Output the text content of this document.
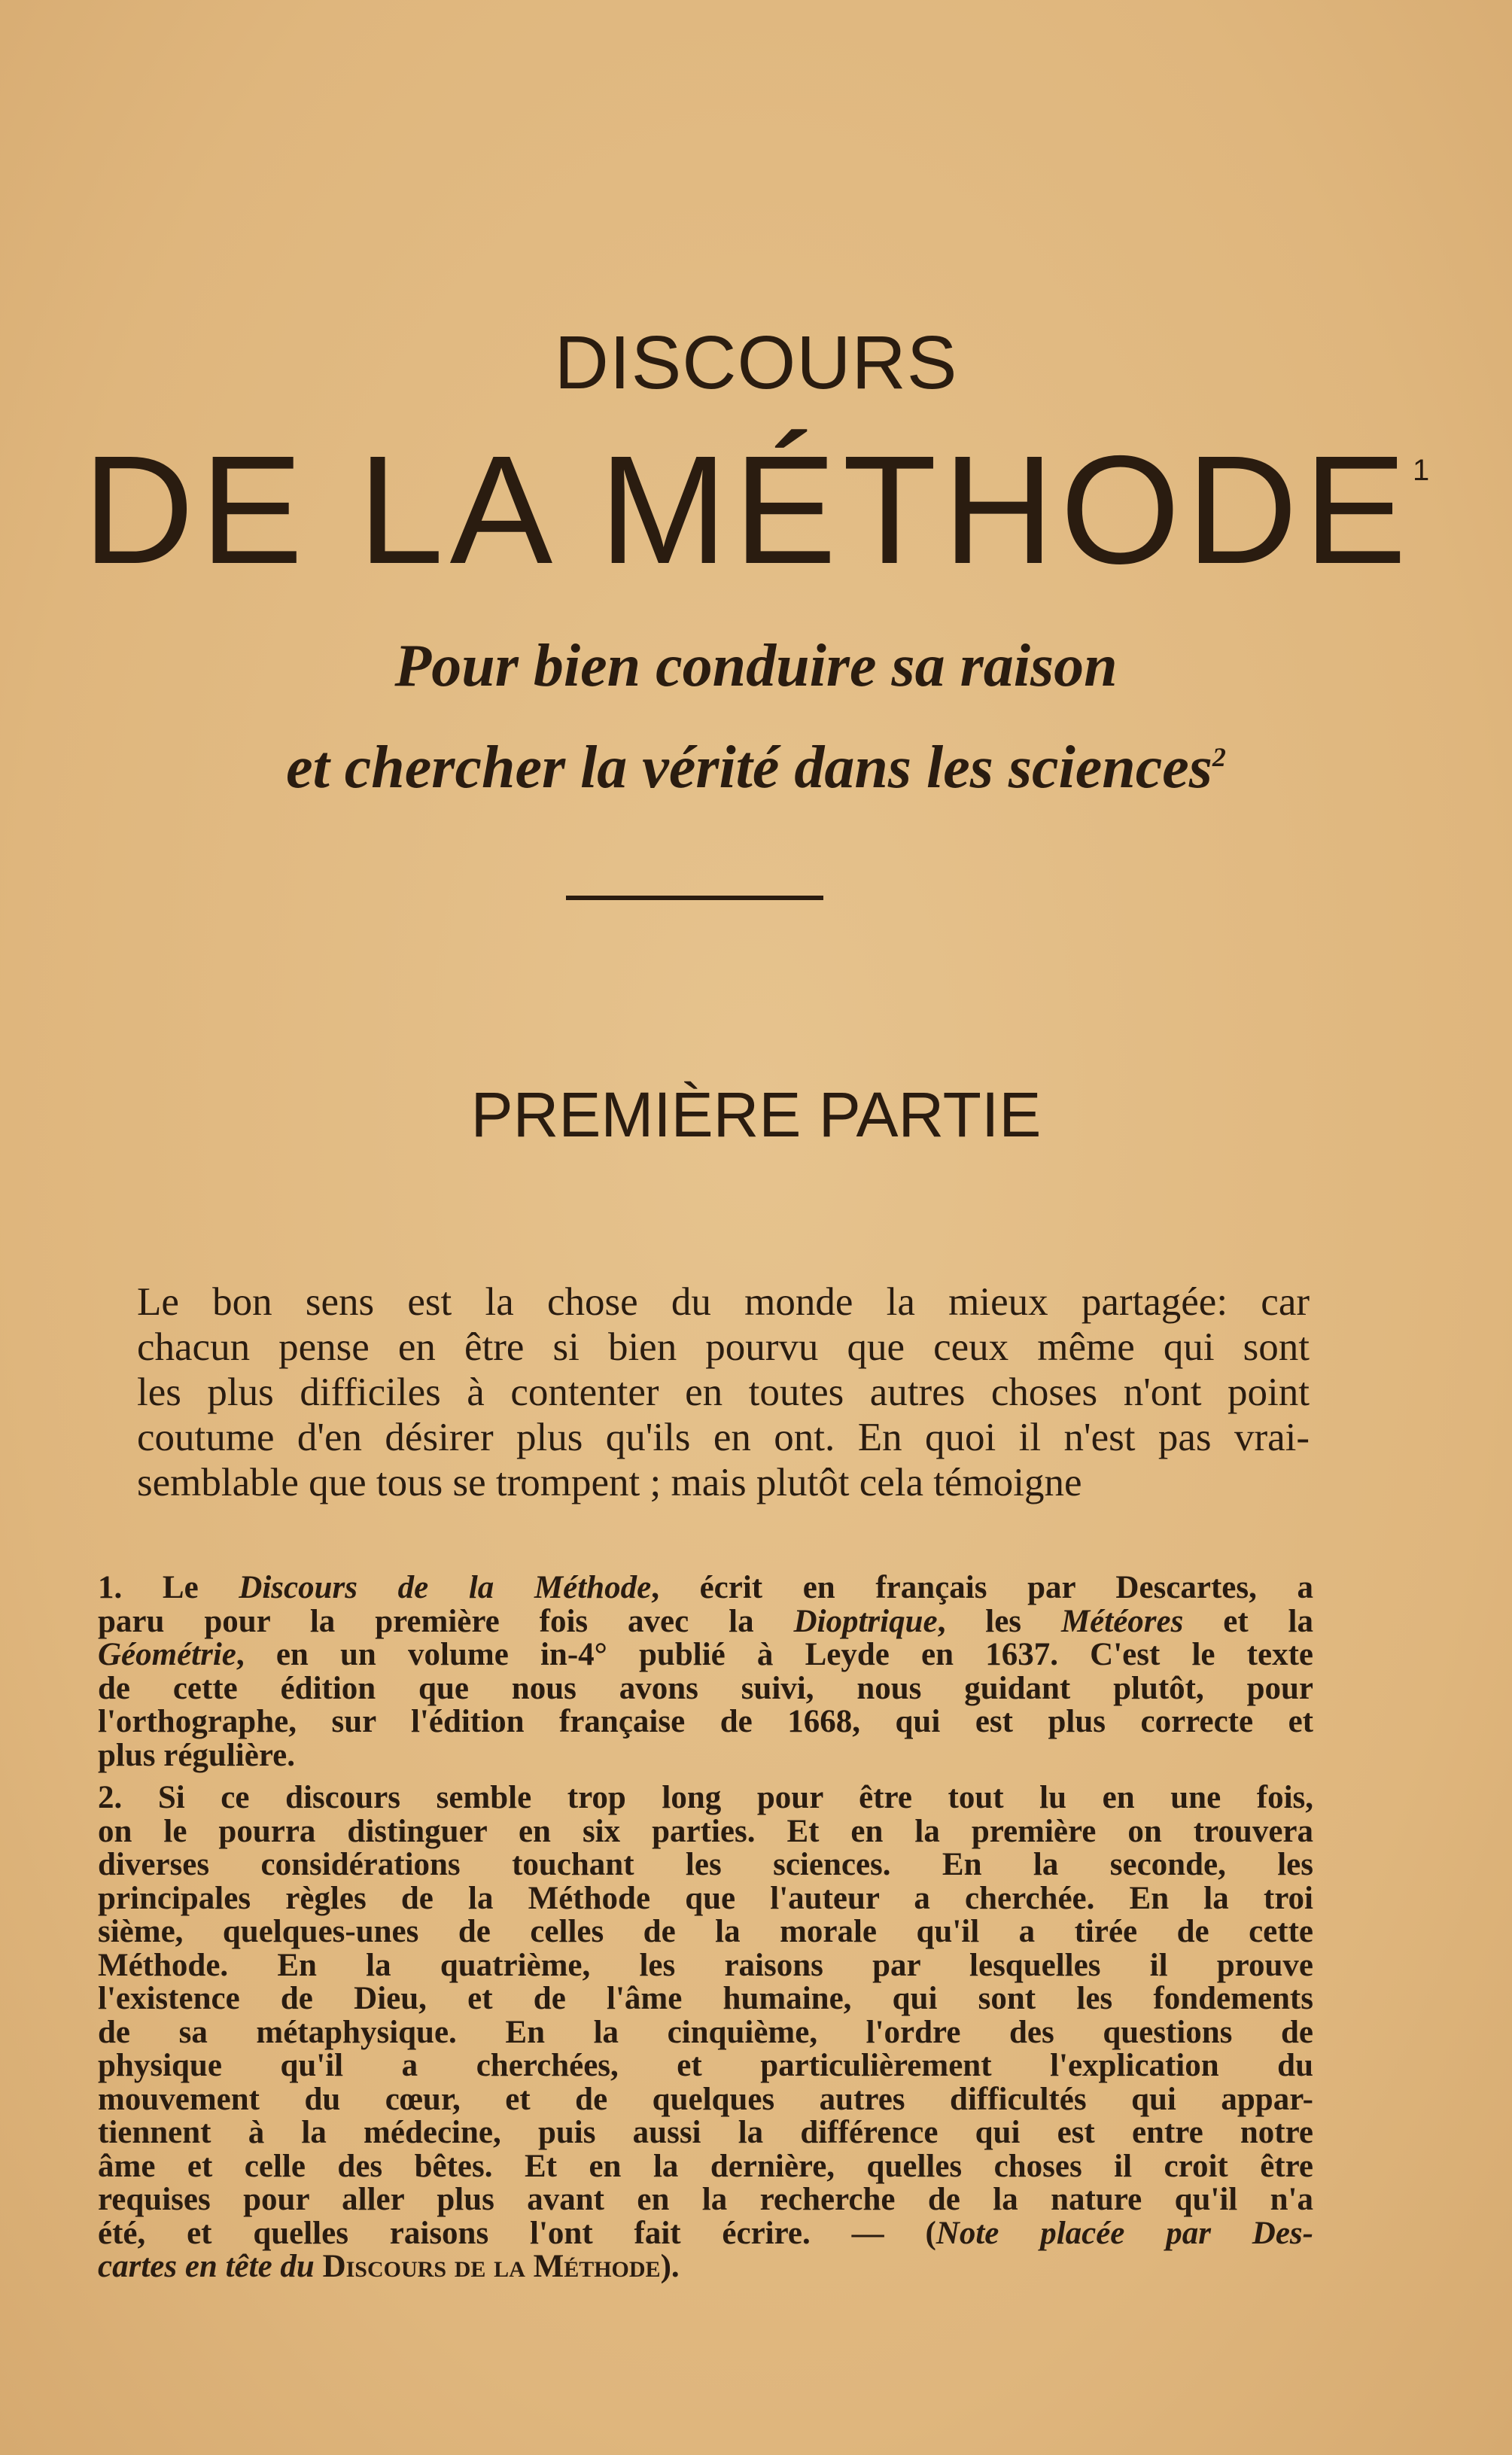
DISCOURS
DE LA MÉTHODE$^1$
Pour bien conduire sa raison
et chercher la vérité dans les sciences$^2$
PREMIÈRE PARTIE
Le bon sens est la chose du monde la mieux partagée: car
chacun pense en être si bien pourvu que ceux même qui sont
les plus difficiles à contenter en toutes autres choses n'ont point
coutume d'en désirer plus qu'ils en ont. En quoi il n'est pas vrai-
semblable que tous se trompent ; mais plutôt cela témoigne
1. Le Discours de la Méthode, écrit en français par Descartes, a
paru pour la première fois avec la Dioptrique, les Météores et la
Géométrie, en un volume in-4° publié à Leyde en 1637. C'est le texte
de cette édition que nous avons suivi, nous guidant plutôt, pour
l'orthographe, sur l'édition française de 1668, qui est plus correcte et
plus régulière.
2. Si ce discours semble trop long pour être tout lu en une fois,
on le pourra distinguer en six parties. Et en la première on trouvera
diverses considérations touchant les sciences. En la seconde, les
principales règles de la Méthode que l'auteur a cherchée. En la troi
sième, quelques-unes de celles de la morale qu'il a tirée de cette
Méthode. En la quatrième, les raisons par lesquelles il prouve
l'existence de Dieu, et de l'âme humaine, qui sont les fondements
de sa métaphysique. En la cinquième, l'ordre des questions de
physique qu'il a cherchées, et particulièrement l'explication du
mouvement du cœur, et de quelques autres difficultés qui appar-
tiennent à la médecine, puis aussi la différence qui est entre notre
âme et celle des bêtes. Et en la dernière, quelles choses il croit être
requises pour aller plus avant en la recherche de la nature qu'il n'a
été, et quelles raisons l'ont fait écrire. — (Note placée par Des-
cartes en tête du Discours de la Méthode).
